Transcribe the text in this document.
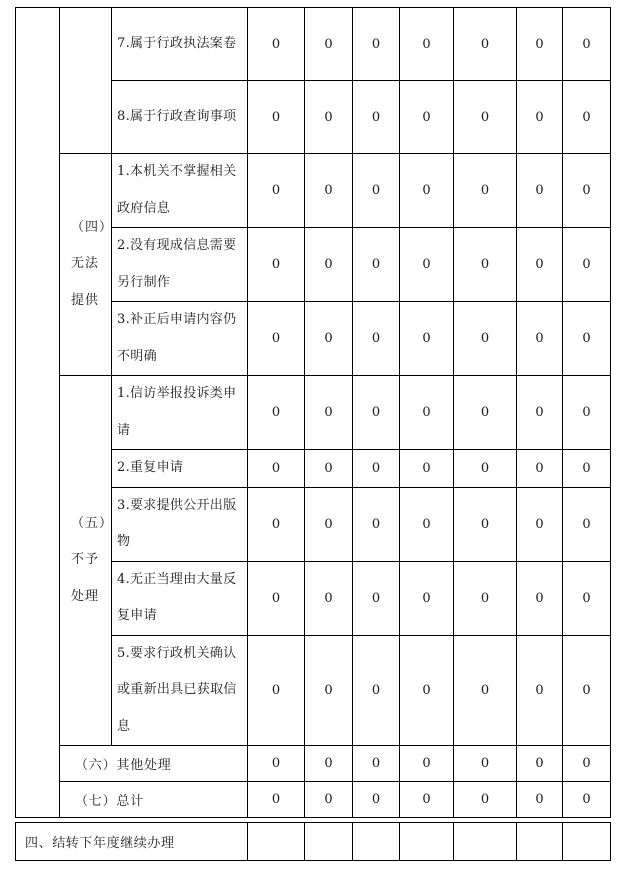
		7.属于行政执法案卷	0	0	0	0	0	0	0
		8.属于行政查询事项	0	0	0	0	0	0	0
	（四）无法提供	1.本机关不掌握相关政府信息	0	0	0	0	0	0	0
		2.没有现成信息需要另行制作	0	0	0	0	0	0	0
		3.补正后申请内容仍不明确	0	0	0	0	0	0	0
	（五）不予处理	1.信访举报投诉类申请	0	0	0	0	0	0	0
		2.重复申请	0	0	0	0	0	0	0
		3.要求提供公开出版物	0	0	0	0	0	0	0
		4.无正当理由大量反复申请	0	0	0	0	0	0	0
		5.要求行政机关确认或重新出具已获取信息	0	0	0	0	0	0	0
	（六）其他处理		0	0	0	0	0	0	0
	（七）总计		0	0	0	0	0	0	0
四、结转下年度继续办理							
